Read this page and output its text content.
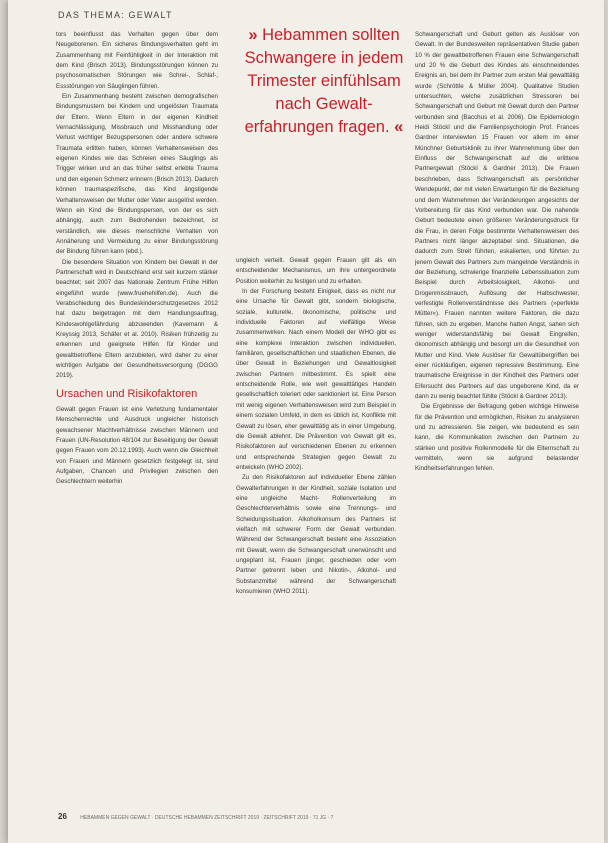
DAS THEMA: GEWALT

tors beeinflusst das Verhalten gegen über dem Neugeborenen. Ein sicheres Bindungsverhalten geht im Zusammenhang mit Feinfühligkeit in der Interaktion mit dem Kind (Brisch 2013). Bindungsstörungen können zu psychosomatischen Störungen wie Schrei-, Schlaf-, Essstörungen von Säuglingen führen.

Ein Zusammenhang besteht zwischen demografischen Bindungsmustern bei Kindern und ungelösten Traumata der Eltern. Wenn Eltern in der eigenen Kindheit Vernachlässigung, Missbrauch und Misshandlung oder Verlust wichtiger Bezugspersonen oder andere schwere Traumata erlitten haben, können Verhaltensweisen des eigenen Kindes wie das Schreien eines Säuglings als Trigger wirken und an das früher selbst erlebte Trauma und den eigenen Schmerz erinnern (Brisch 2013). Dadurch können traumaspezifische, das Kind ängstigende Verhaltensweisen der Mutter oder Vater ausgelöst werden. Wenn ein Kind die Bindungsperson, von der es sich abhängig, auch zum Bedrohenden bezeichnet, ist verständlich, wie dieses menschliche Verhalten von Annäherung und Vermeidung zu einer Bindungsstörung der Bindung führen kann (ebd.).

Die besondere Situation von Kindern bei Gewalt in der Partnerschaft wird in Deutschland erst seit kurzem stärker beachtet; seit 2007 das Nationale Zentrum Frühe Hilfen eingeführt wurde (www.fruehehilfen.de). Auch die Verabschiedung des Bundeskinderschutzgesetzes 2012 hat dazu beigetragen mit dem Handlungsauftrag, Kindeswohlgefährdung abzuwenden (Kavemann & Kreyssig 2013, Schäfer et al. 2010). Risiken frühzeitig zu erkennen und geeignete Hilfen für Kinder und gewaltbetroffene Eltern anzubieten, wird daher zu einer wichtigen Aufgabe der Gesundheitsversorgung (DGGG 2019).

Ursachen und Risikofaktoren

Gewalt gegen Frauen ist eine Verletzung fundamentaler Menschenrechte und Ausdruck ungleicher historisch gewachsener Machtverhältnisse zwischen Männern und Frauen (UN-Resolution 48/104 zur Beseitigung der Gewalt gegen Frauen vom 20.12.1993). Auch wenn die Gleichheit von Frauen und Männern gesetzlich festgelegt ist, sind Aufgaben, Chancen und Privilegien zwischen den Geschlechtern weiterhin

» Hebammen sollten Schwangere in jedem Trimester einfühlsam nach Gewalt-erfahrungen fragen. «

ungleich verteilt. Gewalt gegen Frauen gilt als ein entscheidender Mechanismus, um ihre untergeordnete Position weiterhin zu festigen und zu erhalten.

In der Forschung besteht Einigkeit, dass es nicht nur eine Ursache für Gewalt gibt, sondern biologische, soziale, kulturelle, ökonomische, politische und individuelle Faktoren auf vielfältige Weise zusammenwirken. Nach einem Modell der WHO gibt es eine komplexe Interaktion zwischen individuellen, familiären, gesellschaftlichen und staatlichen Ebenen, die über Gewalt in Beziehungen und Gewaltlosigkeit zwischen Partnern mitbestimmt. Es spielt eine entscheidende Rolle, wie weit gewalttätiges Handeln gesellschaftlich toleriert oder sanktioniert ist. Eine Person mit wenig eigenen Verhaltensweisen wird zum Beispiel in einem sozialen Umfeld, in dem es üblich ist, Konflikte mit Gewalt zu lösen, eher gewalttätig als in einer Umgebung, die Gewalt ablehnt. Die Prävention von Gewalt gilt es, Risikofaktoren auf verschiedenen Ebenen zu erkennen und entsprechende Strategien gegen Gewalt zu entwickeln (WHO 2002).

Zu den Risikofaktoren auf individueller Ebene zählen Gewalterfahrungen in der Kindheit, soziale Isolation und eine ungleiche Macht- Rollenverteilung im Geschlechterverhältnis sowie eine Trennungs- und Scheidungssituation. Alkoholkonsum des Partners ist vielfach mit schwerer Form der Gewalt verbunden. Während der Schwangerschaft besteht eine Assoziation mit Gewalt, wenn die Schwangerschaft unerwünscht und ungeplant ist, Frauen jünger, geschieden oder vom Partner getrennt leben und Nikotin-, Alkohol- und Substanzmittel während der Schwangerschaft konsumieren (WHO 2011).

Schwangerschaft und Geburt gelten als Auslöser von Gewalt. In der Bundesweiten repräsentativen Studie gaben 10 % der gewaltbetroffenen Frauen eine Schwangerschaft und 20 % die Geburt des Kindes als einschneidendes Ereignis an, bei dem ihr Partner zum ersten Mal gewalttätig wurde (Schröttle & Müller 2004). Qualitative Studien untersuchten, welche zusätzlichen Stressoren bei Schwangerschaft und Geburt mit Gewalt durch den Partner verbunden sind (Bacchus et al. 2006). Die Epidemiologin Heidi Stöckl und die Familienpsychologin Prof. Frances Gardner interviewten 15 Frauen vor allem im einer Münchner Geburtsklinik zu ihrer Wahrnehmung über den Einfluss der Schwangerschaft auf die erlittene Partnergewalt (Stöckl & Gardner 2013). Die Frauen beschrieben, dass Schwangerschaft als persönlicher Wendepunkt, der mit vielen Erwartungen für die Beziehung und dem Wahrnehmen der Veränderungen angesichts der Vorbereitung für das Kind verbunden war. Die nahende Geburt bedeutete einen größeren Veränderungsdruck für die Frau, in deren Folge bestimmte Verhaltensweisen des Partners nicht länger akzeptabel sind. Situationen, die dadurch zum Streit führten, eskalierten, und führten zu jenem Gewalt des Partners zum mangelnde Verständnis in der Beziehung, schwierige finanzielle Lebenssituation zum Beispiel durch Arbeitslosigkeit, Alkohol- und Drogenmissbrauch, Auflösung der Halbschwester, verfestigte Rollenverständnisse des Partners (»perfekte Mütter«). Frauen nannten weitere Faktoren, die dazu führen, sich zu ergeben. Manche hatten Angst, sahen sich weniger widerstandsfähig bei Gewalt Eingreifen, ökonomisch abhängig und besorgt um die Gesundheit von Mutter und Kind. Viele Auslöser für Gewaltübergriffen bei einer rückläufigen, eigenen repressive Bestimmung. Eine traumatische Ereignisse in der Kindheit des Partners oder Eifersucht des Partners auf das ungeborene Kind, da er dann zu wenig beachtet fühlte (Stöckl & Gardner 2013).

Die Ergebnisse der Befragung geben wichtige Hinweise für die Prävention und ermöglichen, Risiken zu analysieren und zu adressieren. Sie zeigen, wie bedeutend es sein kann, die Kommunikation zwischen den Partnern zu stärken und positive Rollenmodelle für die Elternschaft zu vermitteln, wenn sie aufgrund belastender Kindheitserfahrungen fehlen.

26	HEBAMMEN GEGEN GEWALT · DEUTSCHE HEBAMMEN ZEITSCHRIFT 2019 · ZEITSCHRIFT 2019 · 71 JG · 7
